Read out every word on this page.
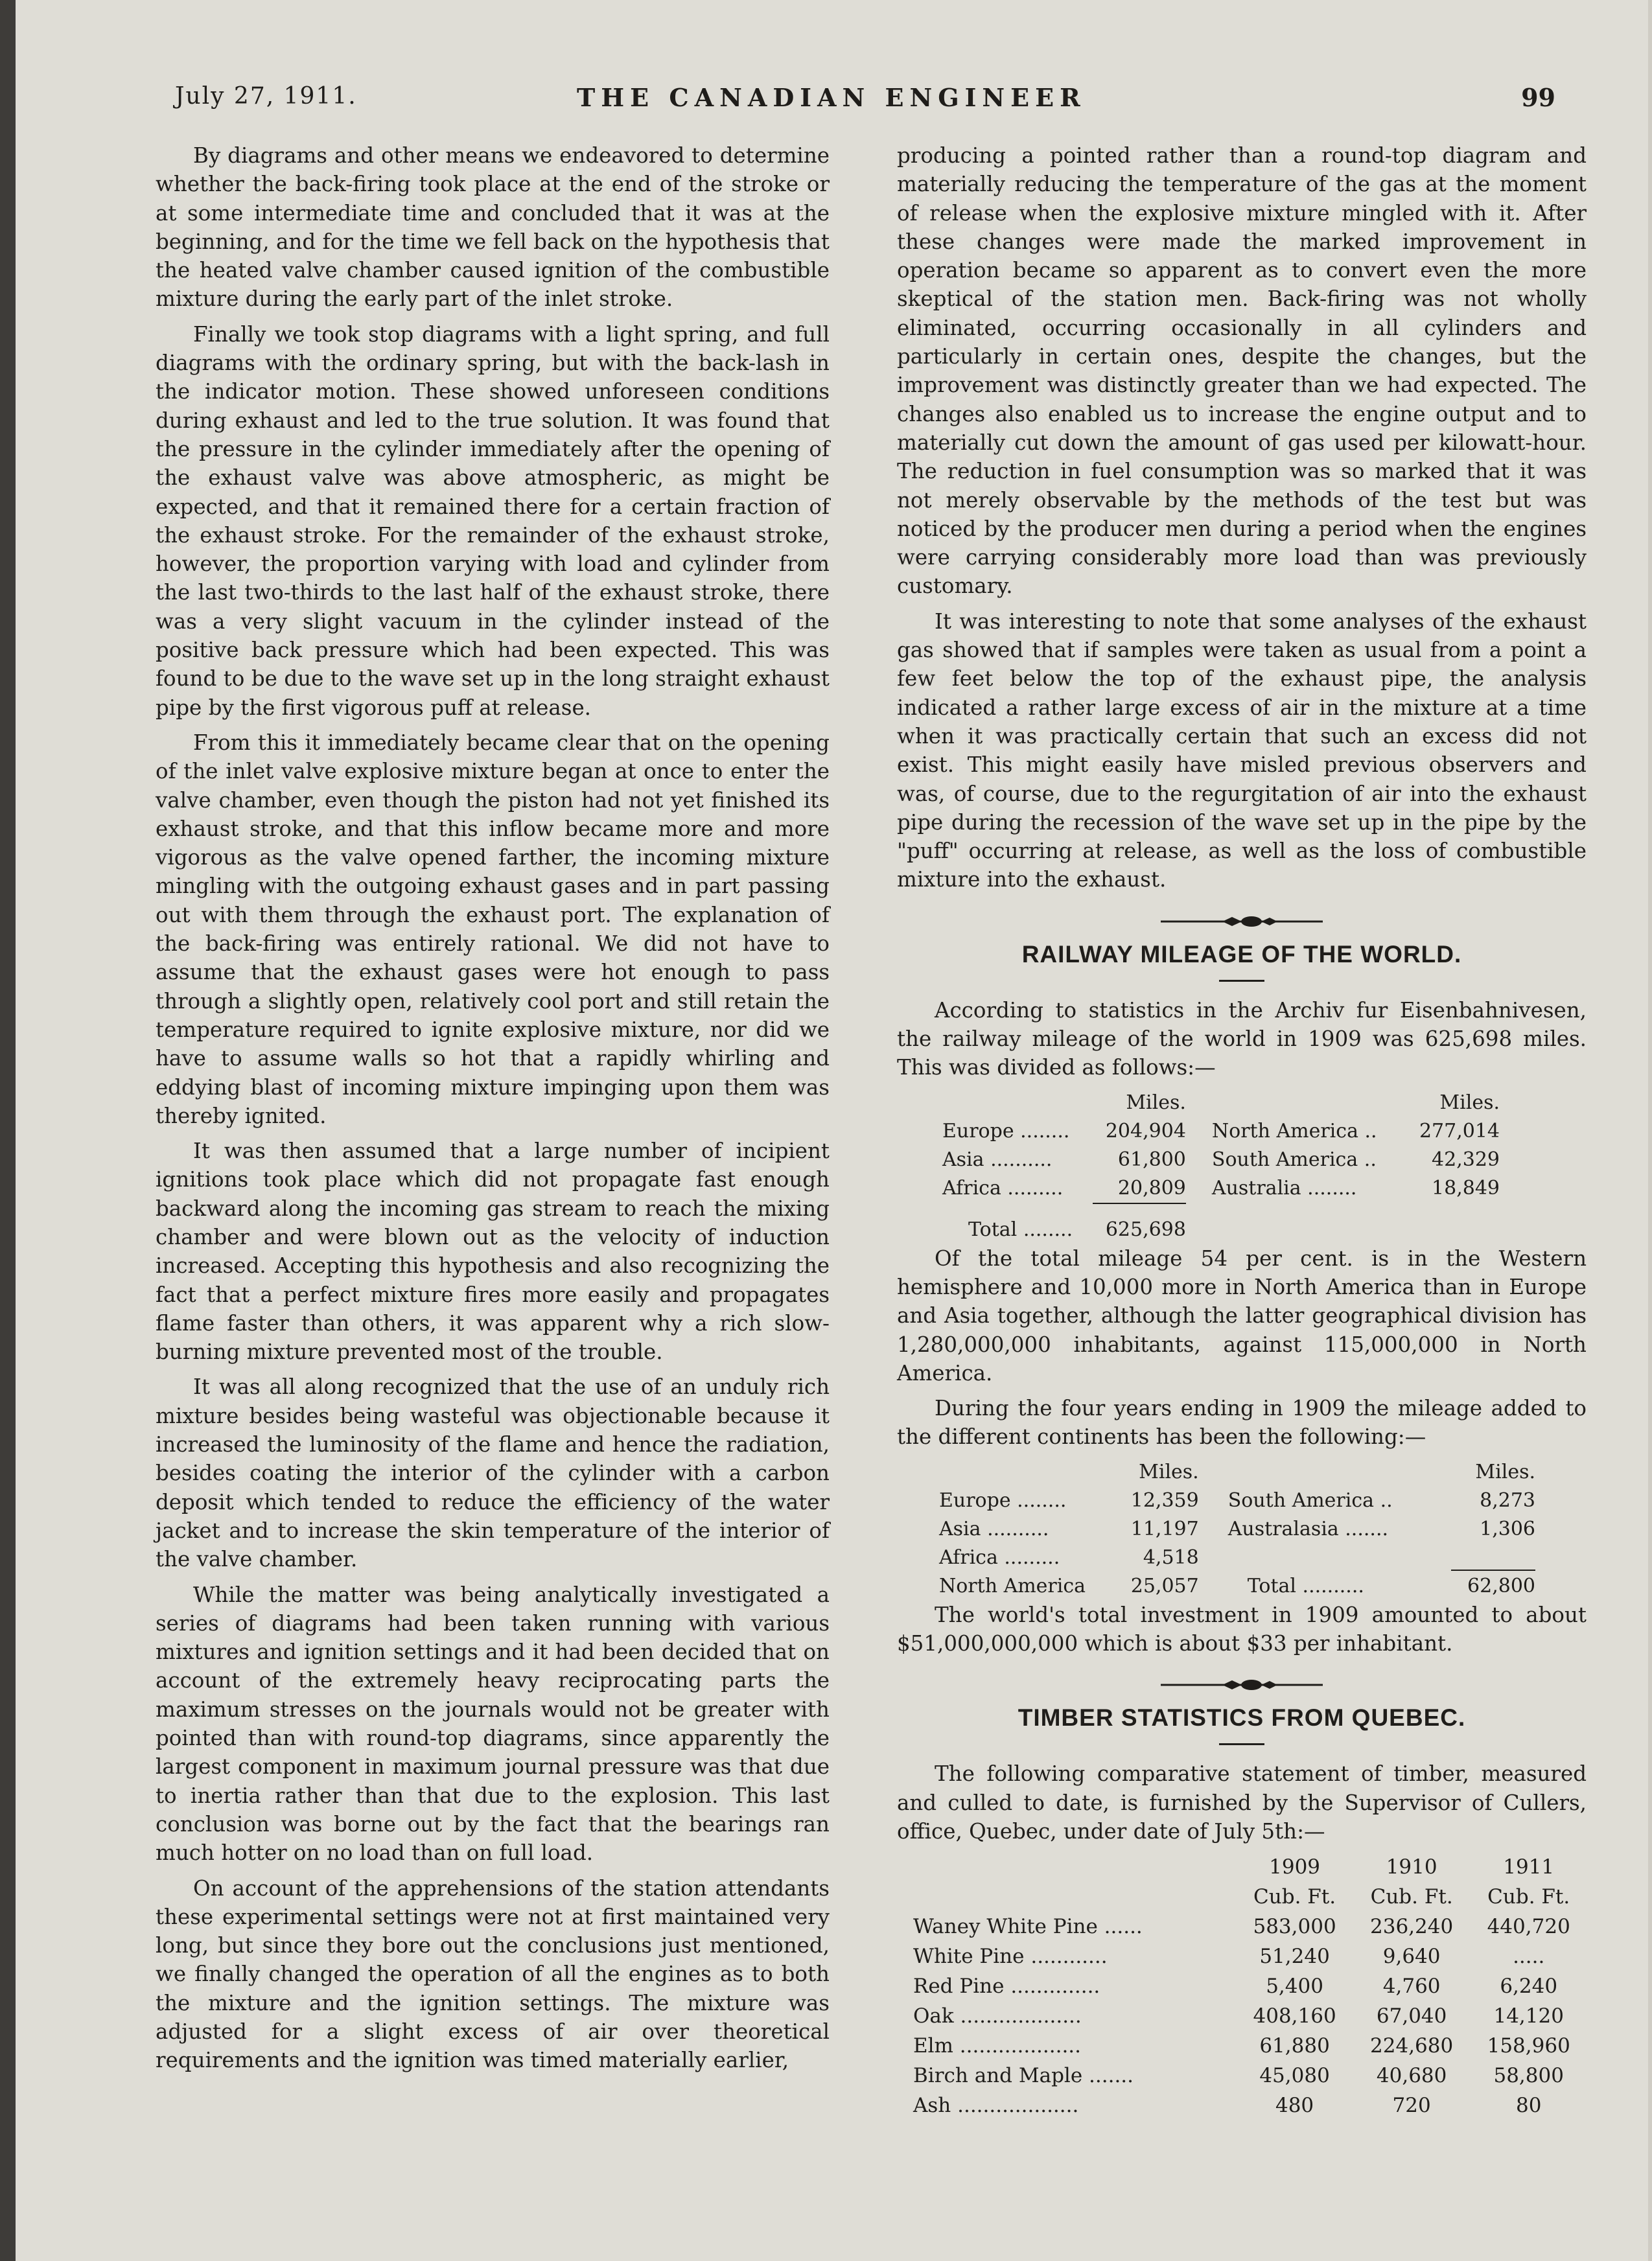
July 27, 1911.	THE CANADIAN ENGINEER	99

By diagrams and other means we endeavored to determine whether the back-firing took place at the end of the stroke or at some intermediate time and concluded that it was at the beginning, and for the time we fell back on the hypothesis that the heated valve chamber caused ignition of the combustible mixture during the early part of the inlet stroke.

Finally we took stop diagrams with a light spring, and full diagrams with the ordinary spring, but with the back-lash in the indicator motion. These showed unforeseen conditions during exhaust and led to the true solution. It was found that the pressure in the cylinder immediately after the opening of the exhaust valve was above atmospheric, as might be expected, and that it remained there for a certain fraction of the exhaust stroke. For the remainder of the exhaust stroke, however, the proportion varying with load and cylinder from the last two-thirds to the last half of the exhaust stroke, there was a very slight vacuum in the cylinder instead of the positive back pressure which had been expected. This was found to be due to the wave set up in the long straight exhaust pipe by the first vigorous puff at release.

From this it immediately became clear that on the opening of the inlet valve explosive mixture began at once to enter the valve chamber, even though the piston had not yet finished its exhaust stroke, and that this inflow became more and more vigorous as the valve opened farther, the incoming mixture mingling with the outgoing exhaust gases and in part passing out with them through the exhaust port. The explanation of the back-firing was entirely rational. We did not have to assume that the exhaust gases were hot enough to pass through a slightly open, relatively cool port and still retain the temperature required to ignite explosive mixture, nor did we have to assume walls so hot that a rapidly whirling and eddying blast of incoming mixture impinging upon them was thereby ignited.

It was then assumed that a large number of incipient ignitions took place which did not propagate fast enough backward along the incoming gas stream to reach the mixing chamber and were blown out as the velocity of induction increased. Accepting this hypothesis and also recognizing the fact that a perfect mixture fires more easily and propagates flame faster than others, it was apparent why a rich slow-burning mixture prevented most of the trouble.

It was all along recognized that the use of an unduly rich mixture besides being wasteful was objectionable because it increased the luminosity of the flame and hence the radiation, besides coating the interior of the cylinder with a carbon deposit which tended to reduce the efficiency of the water jacket and to increase the skin temperature of the interior of the valve chamber.

While the matter was being analytically investigated a series of diagrams had been taken running with various mixtures and ignition settings and it had been decided that on account of the extremely heavy reciprocating parts the maximum stresses on the journals would not be greater with pointed than with round-top diagrams, since apparently the largest component in maximum journal pressure was that due to inertia rather than that due to the explosion. This last conclusion was borne out by the fact that the bearings ran much hotter on no load than on full load.

On account of the apprehensions of the station attendants these experimental settings were not at first maintained very long, but since they bore out the conclusions just mentioned, we finally changed the operation of all the engines as to both the mixture and the ignition settings. The mixture was adjusted for a slight excess of air over theoretical requirements and the ignition was timed materially earlier,

producing a pointed rather than a round-top diagram and materially reducing the temperature of the gas at the moment of release when the explosive mixture mingled with it. After these changes were made the marked improvement in operation became so apparent as to convert even the more skeptical of the station men. Back-firing was not wholly eliminated, occurring occasionally in all cylinders and particularly in certain ones, despite the changes, but the improvement was distinctly greater than we had expected. The changes also enabled us to increase the engine output and to materially cut down the amount of gas used per kilowatt-hour. The reduction in fuel consumption was so marked that it was not merely observable by the methods of the test but was noticed by the producer men during a period when the engines were carrying considerably more load than was previously customary.

It was interesting to note that some analyses of the exhaust gas showed that if samples were taken as usual from a point a few feet below the top of the exhaust pipe, the analysis indicated a rather large excess of air in the mixture at a time when it was practically certain that such an excess did not exist. This might easily have misled previous observers and was, of course, due to the regurgitation of air into the exhaust pipe during the recession of the wave set up in the pipe by the "puff" occurring at release, as well as the loss of combustible mixture into the exhaust.

RAILWAY MILEAGE OF THE WORLD.

According to statistics in the Archiv fur Eisenbahnivesen, the railway mileage of the world in 1909 was 625,698 miles. This was divided as follows:—

	Miles.		Miles.
Europe ........	204,904	North America ..	277,014
Asia ..........	61,800	South America ..	42,329
Africa .........	20,809	Australia ........	18,849

Total ........	625,698		

Of the total mileage 54 per cent. is in the Western hemisphere and 10,000 more in North America than in Europe and Asia together, although the latter geographical division has 1,280,000,000 inhabitants, against 115,000,000 in North America.

During the four years ending in 1909 the mileage added to the different continents has been the following:—

	Miles.		Miles.
Europe ........	12,359	South America ..	8,273
Asia ..........	11,197	Australasia .......	1,306
Africa .........	4,518		

North America	25,057	Total ..........	62,800

The world's total investment in 1909 amounted to about $51,000,000,000 which is about $33 per inhabitant.

TIMBER STATISTICS FROM QUEBEC.

The following comparative statement of timber, measured and culled to date, is furnished by the Supervisor of Cullers, office, Quebec, under date of July 5th:—

	1909	1910	1911
	Cub. Ft.	Cub. Ft.	Cub. Ft.
Waney White Pine ......	583,000	236,240	440,720
White Pine ............	51,240	9,640	.....
Red Pine ..............	5,400	4,760	6,240
Oak ...................	408,160	67,040	14,120
Elm ...................	61,880	224,680	158,960
Birch and Maple .......	45,080	40,680	58,800
Ash ...................	480	720	80
